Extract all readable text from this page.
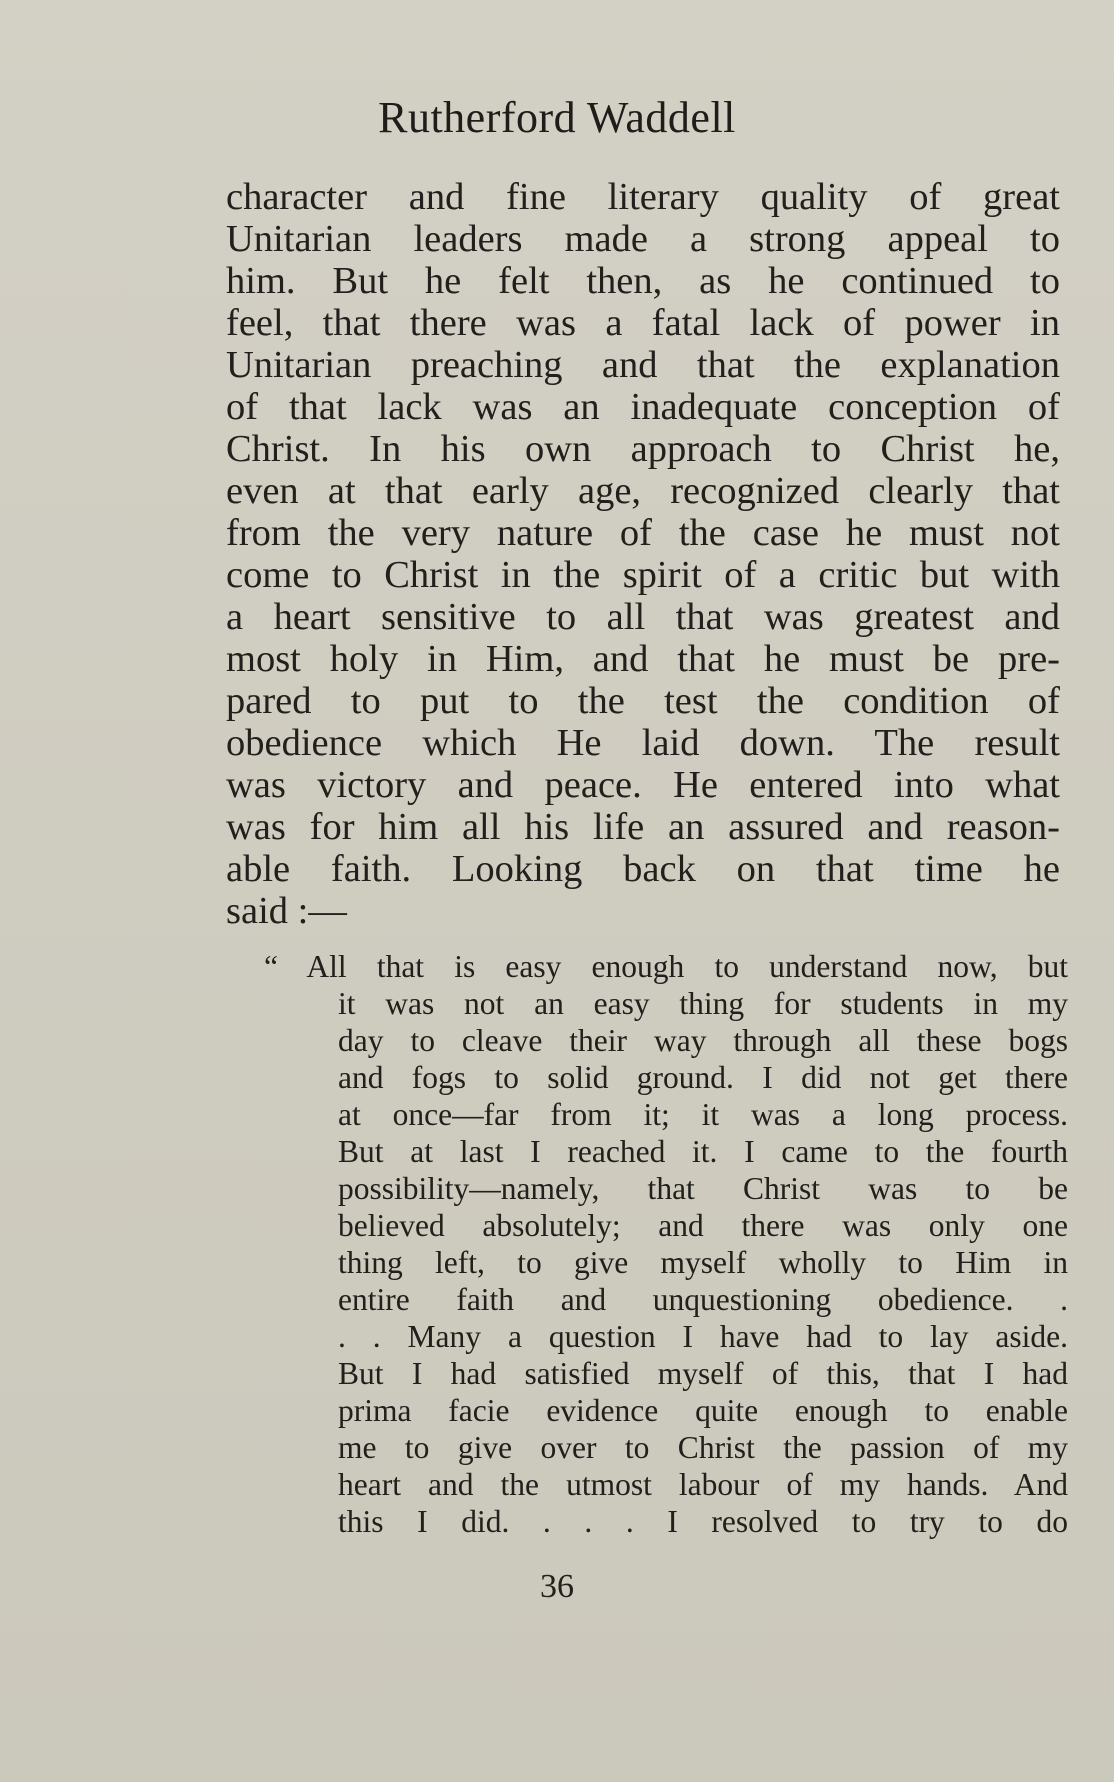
Rutherford Waddell
character and fine literary quality of great
Unitarian leaders made a strong appeal to
him. But he felt then, as he continued to
feel, that there was a fatal lack of power in
Unitarian preaching and that the explanation
of that lack was an inadequate conception of
Christ. In his own approach to Christ he,
even at that early age, recognized clearly that
from the very nature of the case he must not
come to Christ in the spirit of a critic but with
a heart sensitive to all that was greatest and
most holy in Him, and that he must be pre-
pared to put to the test the condition of
obedience which He laid down. The result
was victory and peace. He entered into what
was for him all his life an assured and reason-
able faith. Looking back on that time he
said :—
“ All that is easy enough to understand now, but
it was not an easy thing for students in my
day to cleave their way through all these bogs
and fogs to solid ground. I did not get there
at once—far from it; it was a long process.
But at last I reached it. I came to the fourth
possibility—namely, that Christ was to be
believed absolutely; and there was only one
thing left, to give myself wholly to Him in
entire faith and unquestioning obedience. .
. . Many a question I have had to lay aside.
But I had satisfied myself of this, that I had
prima facie evidence quite enough to enable
me to give over to Christ the passion of my
heart and the utmost labour of my hands. And
this I did. . . . I resolved to try to do
36
